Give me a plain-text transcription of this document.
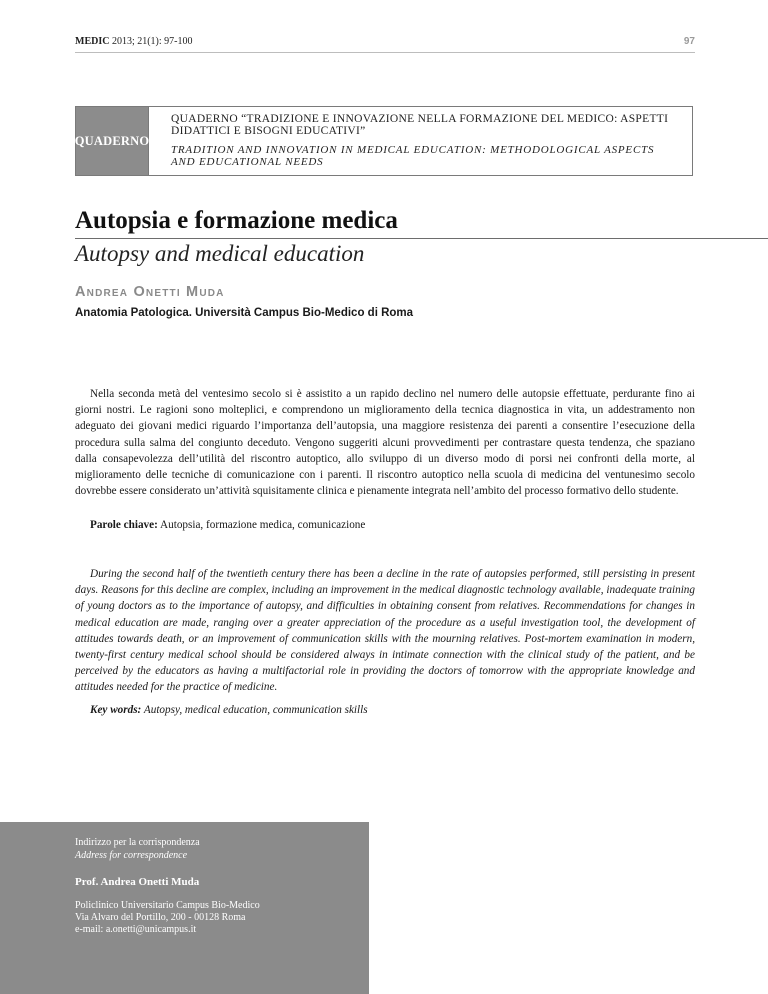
MEDIC 2013; 21(1): 97-100	97
QUADERNO
QUADERNO “TRADIZIONE E INNOVAZIONE NELLA FORMAZIONE DEL MEDICO: ASPETTI DIDATTICI E BISOGNI EDUCATIVI”
TRADITION AND INNOVATION IN MEDICAL EDUCATION: METHODOLOGICAL ASPECTS AND EDUCATIONAL NEEDS
Autopsia e formazione medica
Autopsy and medical education
Andrea Onetti Muda
Anatomia Patologica. Università Campus Bio-Medico di Roma

Nella seconda metà del ventesimo secolo si è assistito a un rapido declino nel numero delle autopsie effettuate, perdurante fino ai giorni nostri. Le ragioni sono molteplici, e comprendono un miglioramento della tecnica diagnostica in vita, un addestramento non adeguato dei giovani medici riguardo l’importanza dell’autopsia, una maggiore resistenza dei parenti a consentire l’esecuzione della procedura sulla salma del congiunto deceduto. Vengono suggeriti alcuni provvedimenti per contrastare questa tendenza, che spaziano dalla consapevolezza dell’utilità del riscontro autoptico, allo sviluppo di un diverso modo di porsi nei confronti della morte, al miglioramento delle tecniche di comunicazione con i parenti. Il riscontro autoptico nella scuola di medicina del ventunesimo secolo dovrebbe essere considerato un’attività squisitamente clinica e pienamente integrata nell’ambito del processo formativo dello studente.

Parole chiave: Autopsia, formazione medica, comunicazione

During the second half of the twentieth century there has been a decline in the rate of autopsies performed, still persisting in present days. Reasons for this decline are complex, including an improvement in the medical diagnostic technology available, inadequate training of young doctors as to the importance of autopsy, and difficulties in obtaining consent from relatives. Recommendations for changes in medical education are made, ranging over a greater appreciation of the procedure as a useful investigation tool, the development of attitudes towards death, or an improvement of communication skills with the mourning relatives. Post-mortem examination in modern, twenty-first century medical school should be considered always in intimate connection with the clinical study of the patient, and be perceived by the educators as having a multifactorial role in providing the doctors of tomorrow with the appropriate knowledge and attitudes needed for the practice of medicine.

Key words: Autopsy, medical education, communication skills
Indirizzo per la corrispondenza
Address for correspondence
Prof. Andrea Onetti Muda
Policlinico Universitario Campus Bio-Medico
Via Alvaro del Portillo, 200 - 00128 Roma
e-mail: a.onetti@unicampus.it
